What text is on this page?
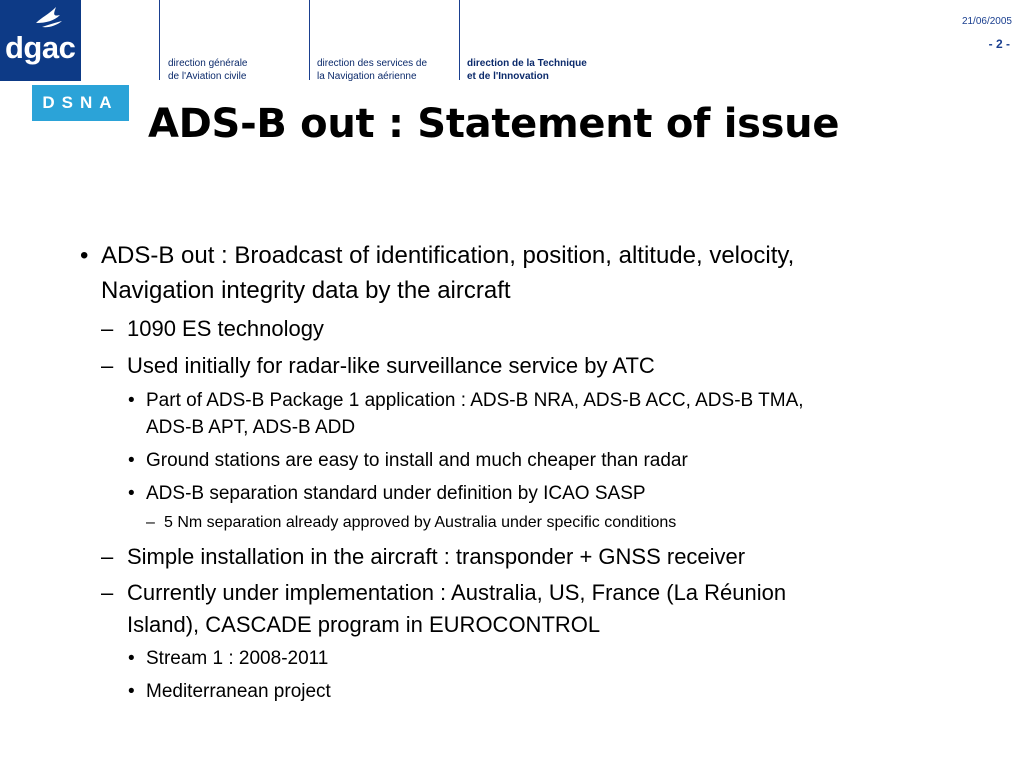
dgac
DSNA
direction générale
de l'Aviation civile
direction des services de
la Navigation aérienne
direction de la Technique
et de l'Innovation
21/06/2005
- 2 -
ADS-B out : Statement of issue
• ADS-B out : Broadcast of identification, position, altitude, velocity,
Navigation integrity data by the aircraft
– 1090 ES technology
– Used initially for radar-like surveillance service by ATC
• Part of ADS-B Package 1 application : ADS-B NRA, ADS-B ACC, ADS-B TMA,
ADS-B APT, ADS-B ADD
• Ground stations are easy to install and much cheaper than radar
• ADS-B separation standard under definition by ICAO SASP
– 5 Nm separation already approved by Australia under specific conditions
– Simple installation in the aircraft : transponder + GNSS receiver
– Currently under implementation : Australia, US, France (La Réunion
Island), CASCADE program in EUROCONTROL
• Stream 1 : 2008-2011
• Mediterranean project
